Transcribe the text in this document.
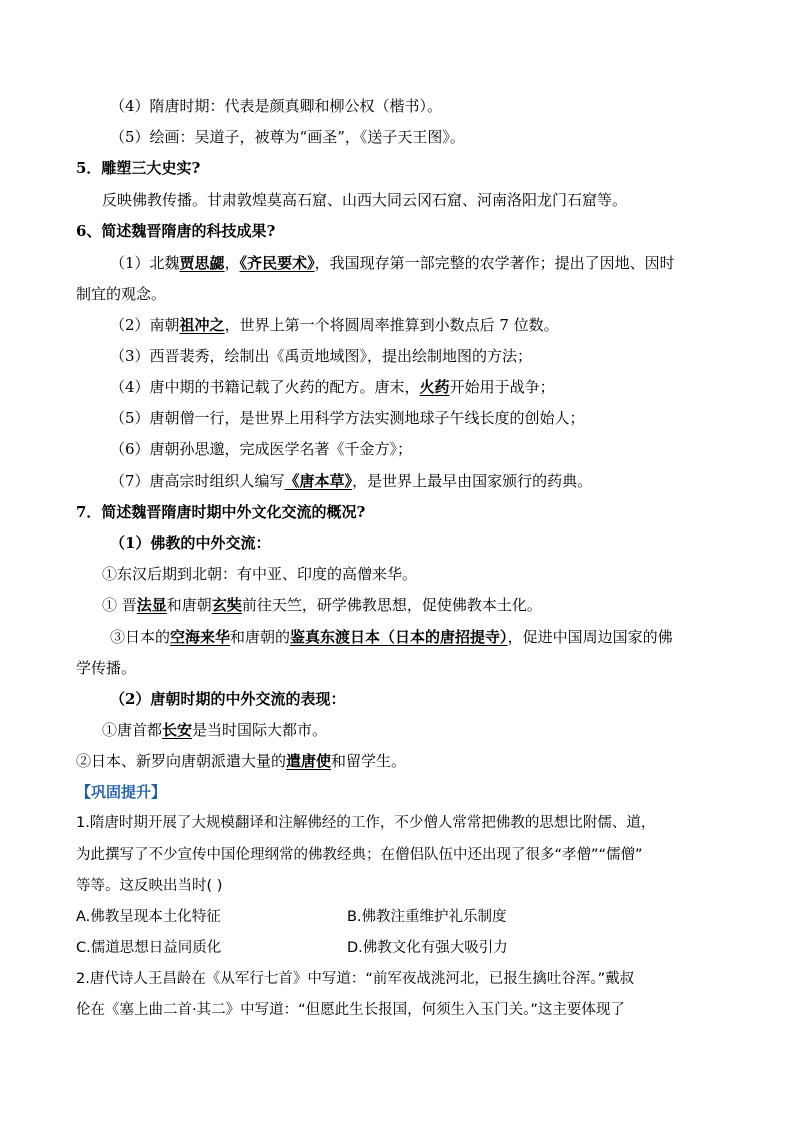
（4）隋唐时期：代表是颜真卿和柳公权（楷书）。
（5）绘画：吴道子，被尊为“画圣”，《送子天王图》。
5．雕塑三大史实?
反映佛教传播。甘肃敦煌莫高石窟、山西大同云冈石窟、河南洛阳龙门石窟等。
6、简述魏晋隋唐的科技成果?
（1）北魏贾思勰，《齐民要术》，我国现存第一部完整的农学著作；提出了因地、因时
制宜的观念。
（2）南朝祖冲之，世界上第一个将圆周率推算到小数点后 7 位数。
（3）西晋裴秀，绘制出《禹贡地域图》，提出绘制地图的方法；
（4）唐中期的书籍记载了火药的配方。唐末，火药开始用于战争；
（5）唐朝僧一行，是世界上用科学方法实测地球子午线长度的创始人；
（6）唐朝孙思邈，完成医学名著《千金方》；
（7）唐高宗时组织人编写《唐本草》，是世界上最早由国家颁行的药典。
7．简述魏晋隋唐时期中外文化交流的概况?
（1）佛教的中外交流：
①东汉后期到北朝：有中亚、印度的高僧来华。
① 晋法显和唐朝玄奘前往天竺，研学佛教思想，促使佛教本土化。
③日本的空海来华和唐朝的鉴真东渡日本（日本的唐招提寺），促进中国周边国家的佛
学传播。
（2）唐朝时期的中外交流的表现：
①唐首都长安是当时国际大都市。
②日本、新罗向唐朝派遣大量的遣唐使和留学生。
【巩固提升】
1.隋唐时期开展了大规模翻译和注解佛经的工作，不少僧人常常把佛教的思想比附儒、道，
为此撰写了不少宣传中国伦理纲常的佛教经典；在僧侣队伍中还出现了很多“孝僧”“儒僧”
等等。这反映出当时( )
A.佛教呈现本土化特征	B.佛教注重维护礼乐制度
C.儒道思想日益同质化	D.佛教文化有强大吸引力
2.唐代诗人王昌龄在《从军行七首》中写道：“前军夜战洮河北，已报生擒吐谷浑。”戴叔
伦在《塞上曲二首·其二》中写道：“但愿此生长报国，何须生入玉门关。”这主要体现了
